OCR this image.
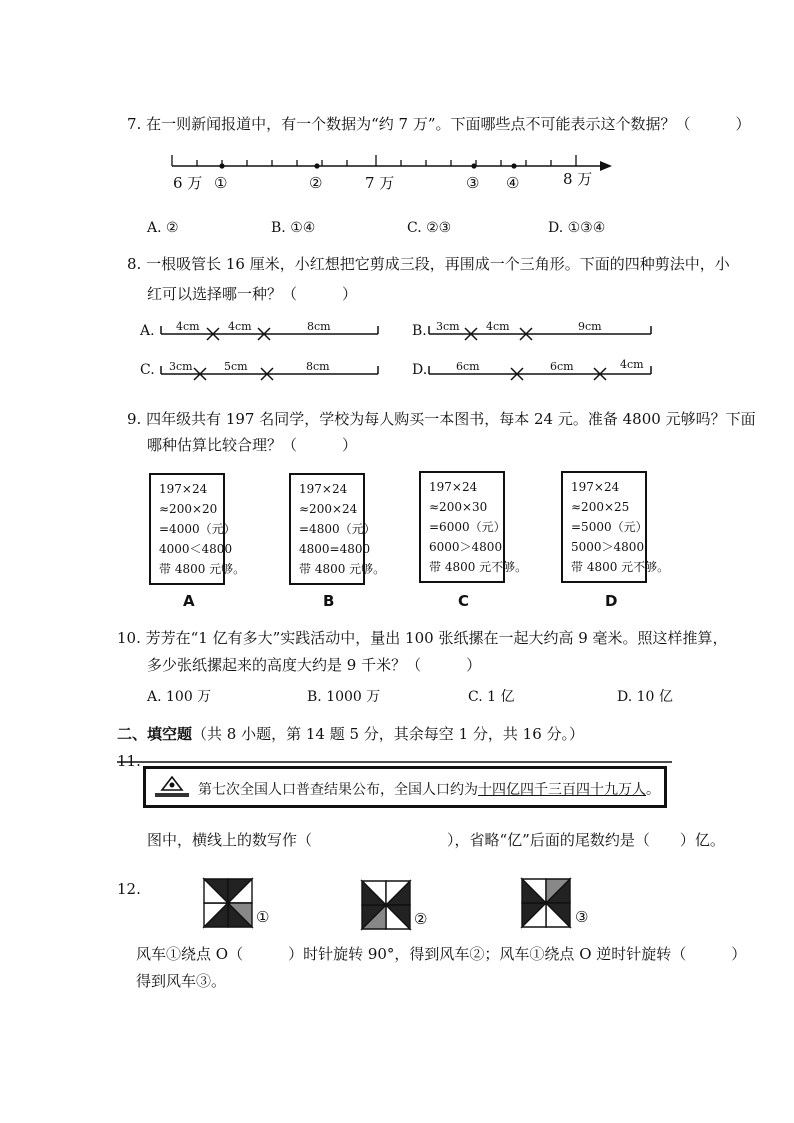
7. 在一则新闻报道中，有一个数据为“约 7 万”。下面哪些点不可能表示这个数据？（　　　）
6 万 ①	②	7 万	③ ④	8 万
A. ②	B. ①④	C. ②③	D. ①③④
8. 一根吸管长 16 厘米，小红想把它剪成三段，再围成一个三角形。下面的四种剪法中，小
红可以选择哪一种？（　　　）
A. 4cm	4cm	8cm	B. 3cm 4cm	9cm
C. 3cm	5cm	8cm	D.	6cm	6cm	4cm
9. 四年级共有 197 名同学，学校为每人购买一本图书，每本 24 元。准备 4800 元够吗？下面
哪种估算比较合理？（　　　）
197×24
≈200×20
=4000（元）
4000＜4800
带 4800 元够。
197×24
≈200×24
=4800（元）
4800=4800
带 4800 元够。
197×24
≈200×30
=6000（元）
6000＞4800
带 4800 元不够。
197×24
≈200×25
=5000（元）
5000＞4800
带 4800 元不够。
A	B	C	D
10. 芳芳在“1 亿有多大”实践活动中，量出 100 张纸摞在一起大约高 9 毫米。照这样推算，
多少张纸摞起来的高度大约是 9 千米？（　　　）
A. 100 万	B. 1000 万	C. 1 亿	D. 10 亿
二、填空题（共 8 小题，第 14 题 5 分，其余每空 1 分，共 16 分。）
11.
第七次全国人口普查结果公布，全国人口约为十四亿四千三百四十九万人。
图中，横线上的数写作（　　　　　　　　　），省略“亿”后面的尾数约是（　　）亿。
12.
①	②	③
风车①绕点 O（　　　）时针旋转 90°，得到风车②；风车①绕点 O 逆时针旋转（　　　）
得到风车③。
